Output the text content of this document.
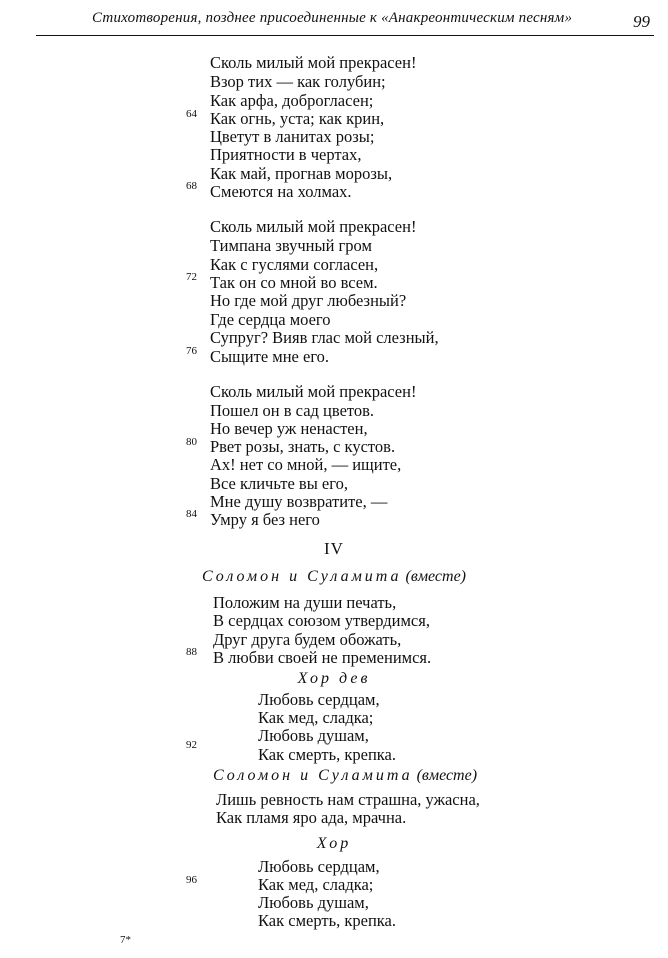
Стихотворения, позднее присоединенные к «Анакреонтическим песням»	99
Сколь милый мой прекрасен!
Взор тих — как голубин;
Как арфа, доброгласен;
Как огнь, уста; как крин,
Цветут в ланитах розы;
Приятности в чертах,
Как май, прогнав морозы,
Смеются на холмах.
64
68
Сколь милый мой прекрасен!
Тимпана звучный гром
Как с гуслями согласен,
Так он со мной во всем.
Но где мой друг любезный?
Где сердца моего
Супруг? Вияв глас мой слезный,
Сыщите мне его.
72
76
Сколь милый мой прекрасен!
Пошел он в сад цветов.
Но вечер уж ненастен,
Рвет розы, знать, с кустов.
Ах! нет со мной, — ищите,
Все кличьте вы его,
Мне душу возвратите, —
Умру я без него
80
84
IV
Соломон и Суламита (вместе)
Положим на души печать,
В сердцах союзом утвердимся,
Друг друга будем обожать,
В любви своей не пременимся.
88
Хор дев
Любовь сердцам,
Как мед, сладка;
Любовь душам,
Как смерть, крепка.
92
Соломон и Суламита (вместе)
Лишь ревность нам страшна, ужасна,
Как пламя яро ада, мрачна.
Хор
Любовь сердцам,
Как мед, сладка;
Любовь душам,
Как смерть, крепка.
96
7*
